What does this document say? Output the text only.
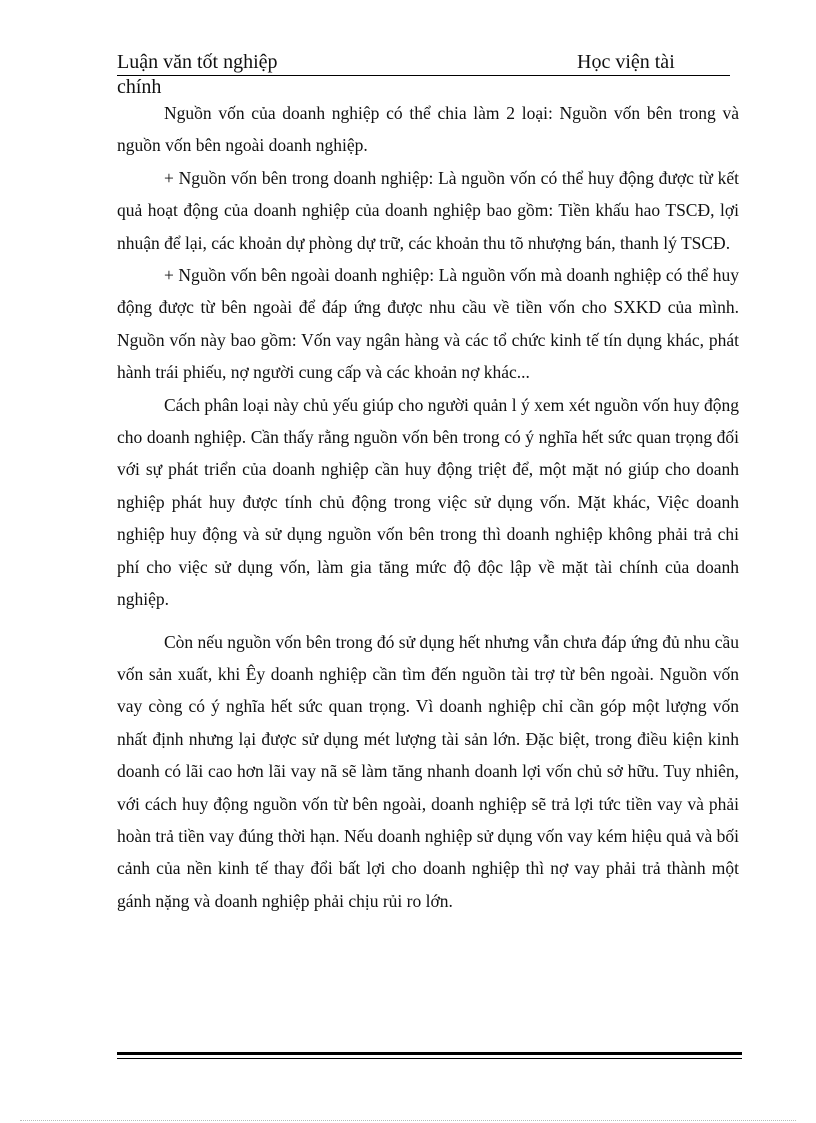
Luận văn tốt nghiệp	Học viện tài
chính

Nguồn vốn của doanh nghiệp có thể chia làm 2 loại: Nguồn vốn bên trong và nguồn vốn bên ngoài doanh nghiệp.

+ Nguồn vốn bên trong doanh nghiệp: Là nguồn vốn có thể huy động được từ kết quả hoạt động của doanh nghiệp của doanh nghiệp bao gồm: Tiền khấu hao TSCĐ, lợi nhuận để lại, các khoản dự phòng dự trữ, các khoản thu tõ nhượng bán, thanh lý TSCĐ.

+ Nguồn vốn bên ngoài doanh nghiệp: Là nguồn vốn mà doanh nghiệp có thể huy động được từ bên ngoài để đáp ứng được nhu cầu về tiền vốn cho SXKD của mình. Nguồn vốn này bao gồm: Vốn vay ngân hàng và các tổ chức kinh tế tín dụng khác, phát hành trái phiếu, nợ người cung cấp và các khoản nợ khác...

Cách phân loại này chủ yếu giúp cho người quản l ý xem xét nguồn vốn huy động cho doanh nghiệp. Cần thấy rằng nguồn vốn bên trong có ý nghĩa hết sức quan trọng đối với sự phát triển của doanh nghiệp cần huy động triệt để, một mặt nó giúp cho doanh nghiệp phát huy được tính chủ động trong việc sử dụng vốn. Mặt khác, Việc doanh nghiệp huy động và sử dụng nguồn vốn bên trong thì doanh nghiệp không phải trả chi phí cho việc sử dụng vốn, làm gia tăng mức độ độc lập về mặt tài chính của doanh nghiệp.

Còn nếu nguồn vốn bên trong đó sử dụng hết nhưng vẫn chưa đáp ứng đủ nhu cầu vốn sản xuất, khi Êy doanh nghiệp cần tìm đến nguồn tài trợ từ bên ngoài. Nguồn vốn vay còng có ý nghĩa hết sức quan trọng. Vì doanh nghiệp chỉ cần góp một lượng vốn nhất định nhưng lại được sử dụng mét lượng tài sản lớn. Đặc biệt, trong điều kiện kinh doanh có lãi cao hơn lãi vay nã sẽ làm tăng nhanh doanh lợi vốn chủ sở hữu. Tuy nhiên, với cách huy động nguồn vốn từ bên ngoài, doanh nghiệp sẽ trả lợi tức tiền vay và phải hoàn trả tiền vay đúng thời hạn. Nếu doanh nghiệp sử dụng vốn vay kém hiệu quả và bối cảnh của nền kinh tế thay đổi bất lợi cho doanh nghiệp thì nợ vay phải trả thành một gánh nặng và doanh nghiệp phải chịu rủi ro lớn.
